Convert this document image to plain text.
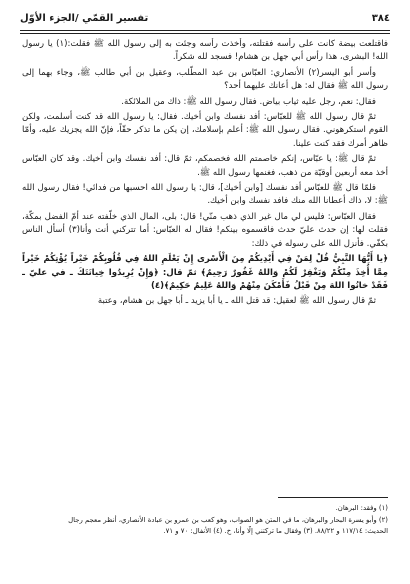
٣٨٤
تفسير القمّي /الجزء الأوّل

فاقتلعت بيضة كانت على رأسه فقتلته، وأخذت رأسه وجئت به إلى رسول الله ﷺ فقلت:(١) يا رسول الله! البشرى، هذا رأس أبي جهل بن هشام! فسجد لله شكراً.

وأسر أبو اليسر(٢) الأنصاري: العبّاس بن عبد المطّلب، وعقيل بن أبي طالب ﷺ، وجاء بهما إلى رسول الله ﷺ فقال له: هل أعانك عليهما أحد؟

فقال: نعم، رجل عليه ثياب بياض. فقال رسول الله ﷺ: ذاك من الملائكة.

ثمّ قال رسول الله ﷺ للعبّاس: أفد نفسك وابن أخيك. فقال: يا رسول الله قد كنت أسلمت، ولكن القوم استكرهوني. فقال رسول الله ﷺ: أعلم بإسلامك، إن يكن ما تذكر حقّاً، فإنّ الله يجزيك عليه، وأمّا ظاهر أمرك فقد كنت علينا.

ثمّ قال ﷺ: يا عبّاس، إنكم خاصمتم الله فخصمكم، ثمّ قال: أفد نفسك وابن أخيك. وقد كان العبّاس أخذ معه أربعين أوقيّة من ذهب، فغنمها رسول الله ﷺ.

فلمّا قال ﷺ للعبّاس أفد نفسك [وابن أخيك]، قال: يا رسول الله احسبها من فدائي! فقال رسول الله ﷺ: لا، ذاك أعطانا الله منك فافد نفسك وابن أخيك.

فقال العبّاس: فليس لي مال غير الذي ذهب منّي! قال: بلى، المال الذي خلّفته عند أمّ الفضل بمكّة، فقلت لها: إن حدث عليّ حدث فاقسموه بينكم! فقال له العبّاس: أما تتركني أنت وأنا(٣) أسأل الناس بكفّي. فأنزل الله على رسوله في ذلك:

﴿يا أَيُّهَا النَّبِيُّ قُلْ لِمَنْ فِي أَيْدِيكُمْ مِنَ الْأَسْرى إِنْ يَعْلَمِ اللهُ فِي قُلُوبِكُمْ خَيْراً يُؤْتِكُمْ خَيْراً مِمَّا أُخِذَ مِنْكُمْ وَيَغْفِرْ لَكُمْ وَاللهُ غَفُورٌ رَحِيمٌ﴾ ثمّ قال: ﴿وَإِنْ يُرِيدُوا خِيانَتَكَ ـ في عليّ ـ فَقَدْ خانُوا اللهَ مِنْ قَبْلُ فَأَمْكَنَ مِنْهُمْ وَاللهُ عَلِيمٌ حَكِيمٌ﴾(٤)

ثمّ قال رسول الله ﷺ لعقيل: قد قتل الله ـ يا أبا يزيد ـ أبا جهل بن هشام، وعتبة

(١) وفقد: البرهان.
(٢) وأبو يسرة البحار والبرهان، ما في المتن هو الصواب، وهو كعب بن عمرو بن عبادة الأنصاري، أنظر معجم رجال
الحديث: ١١٧/١٤ و ٨٨/٢٢. (٣) وفقال ما تركتني إلّا وأنا، خ. (٤) الأنفال: ٧٠ و ٧١.
